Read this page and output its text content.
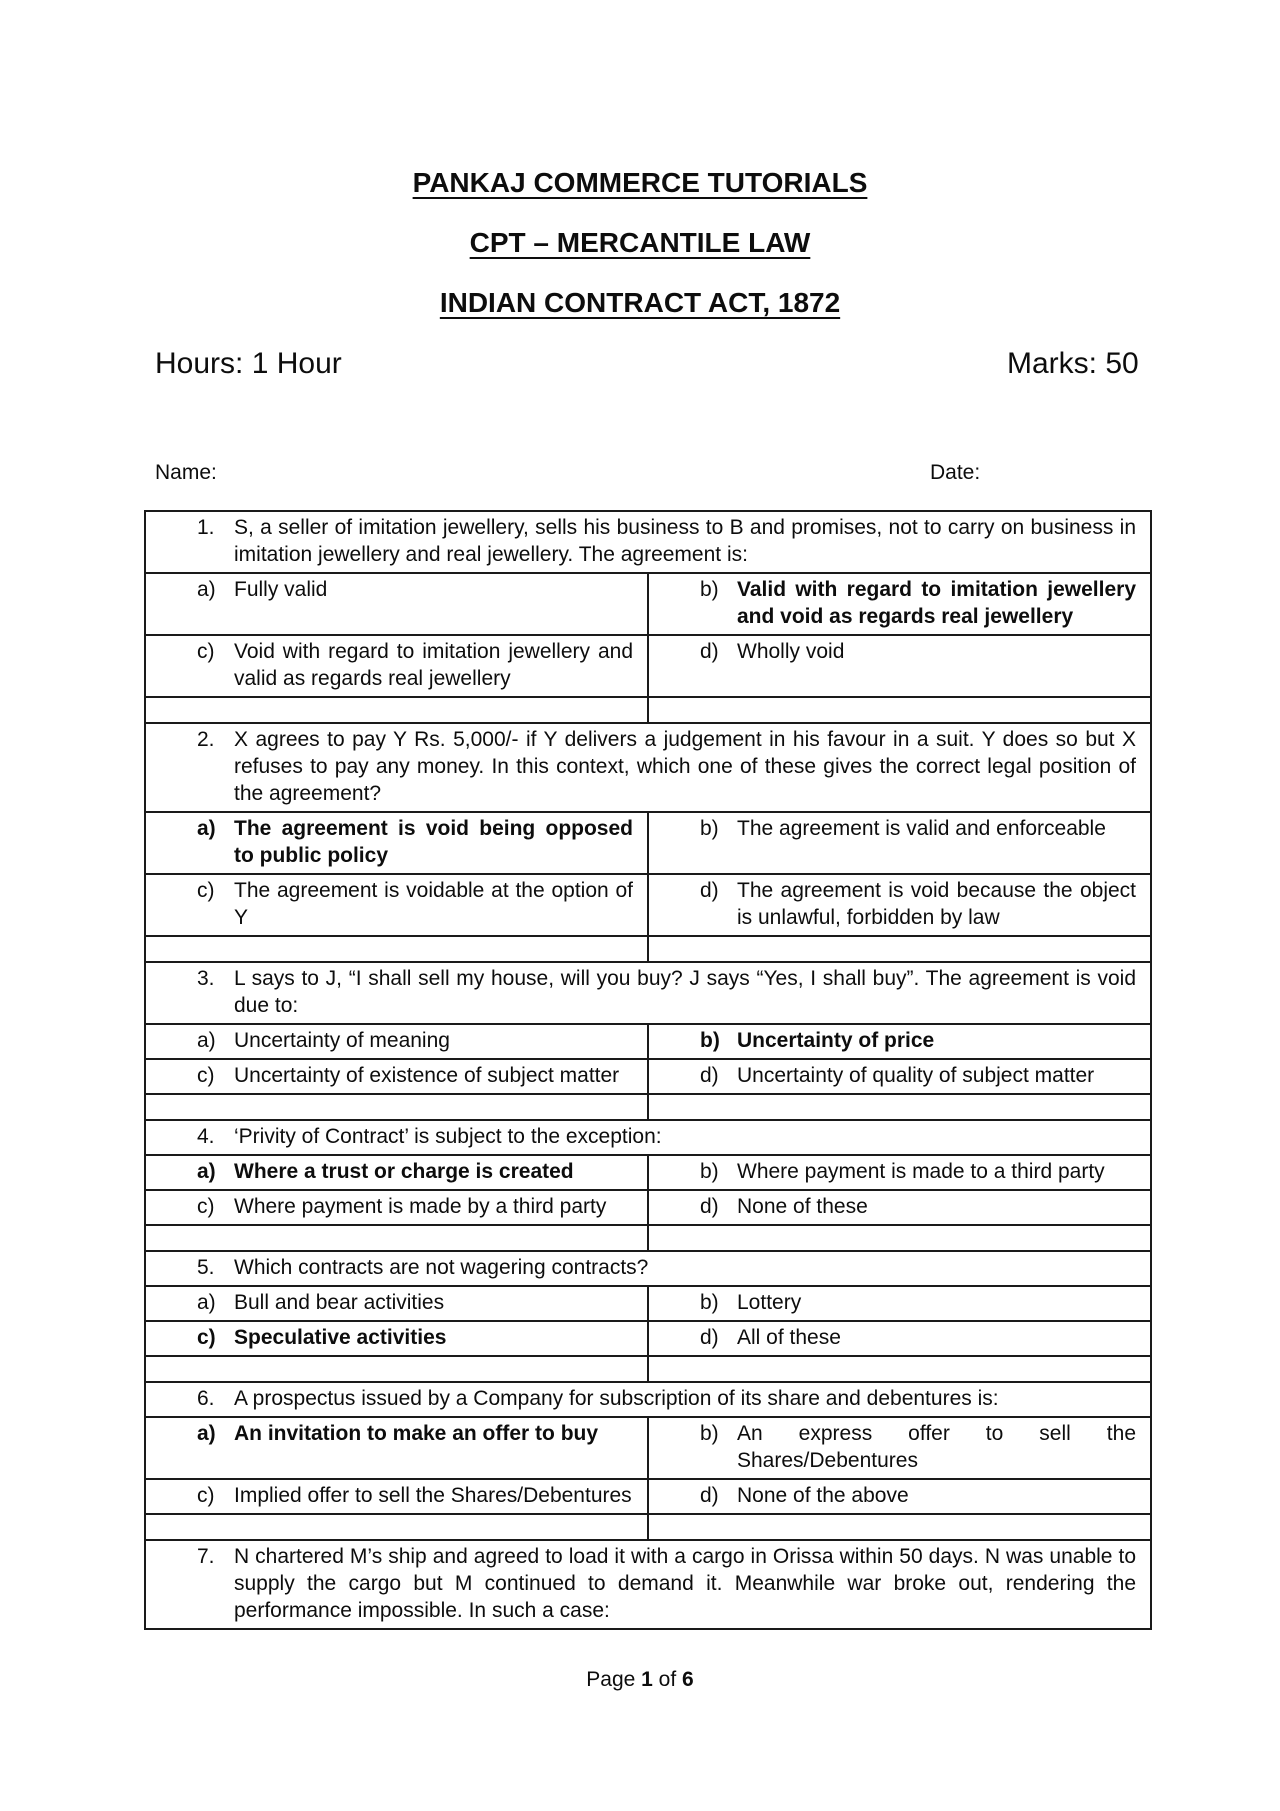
PANKAJ COMMERCE TUTORIALS
CPT – MERCANTILE LAW
INDIAN CONTRACT ACT, 1872
Hours: 1 Hour	Marks: 50
Name:	Date:
1. S, a seller of imitation jewellery, sells his business to B and promises, not to carry on business in imitation jewellery and real jewellery. The agreement is:	

a) Fully valid	b) Valid with regard to imitation jewellery and void as regards real jewellery

c) Void with regard to imitation jewellery and valid as regards real jewellery	d) Wholly void

2. X agrees to pay Y Rs. 5,000/- if Y delivers a judgement in his favour in a suit. Y does so but X refuses to pay any money. In this context, which one of these gives the correct legal position of the agreement?	

a) The agreement is void being opposed to public policy	b) The agreement is valid and enforceable

c) The agreement is voidable at the option of Y	d) The agreement is void because the object is unlawful, forbidden by law

3. L says to J, “I shall sell my house, will you buy? J says “Yes, I shall buy”. The agreement is void due to:	

a) Uncertainty of meaning	b) Uncertainty of price

c) Uncertainty of existence of subject matter	d) Uncertainty of quality of subject matter

4. ‘Privity of Contract’ is subject to the exception:	

a) Where a trust or charge is created	b) Where payment is made to a third party

c) Where payment is made by a third party	d) None of these

5. Which contracts are not wagering contracts?	

a) Bull and bear activities	b) Lottery

c) Speculative activities	d) All of these

6. A prospectus issued by a Company for subscription of its share and debentures is:	

a) An invitation to make an offer to buy	b) An express offer to sell the Shares/Debentures

c) Implied offer to sell the Shares/Debentures	d) None of the above

7. N chartered M’s ship and agreed to load it with a cargo in Orissa within 50 days. N was unable to supply the cargo but M continued to demand it. Meanwhile war broke out, rendering the performance impossible. In such a case:	
Page 1 of 6
